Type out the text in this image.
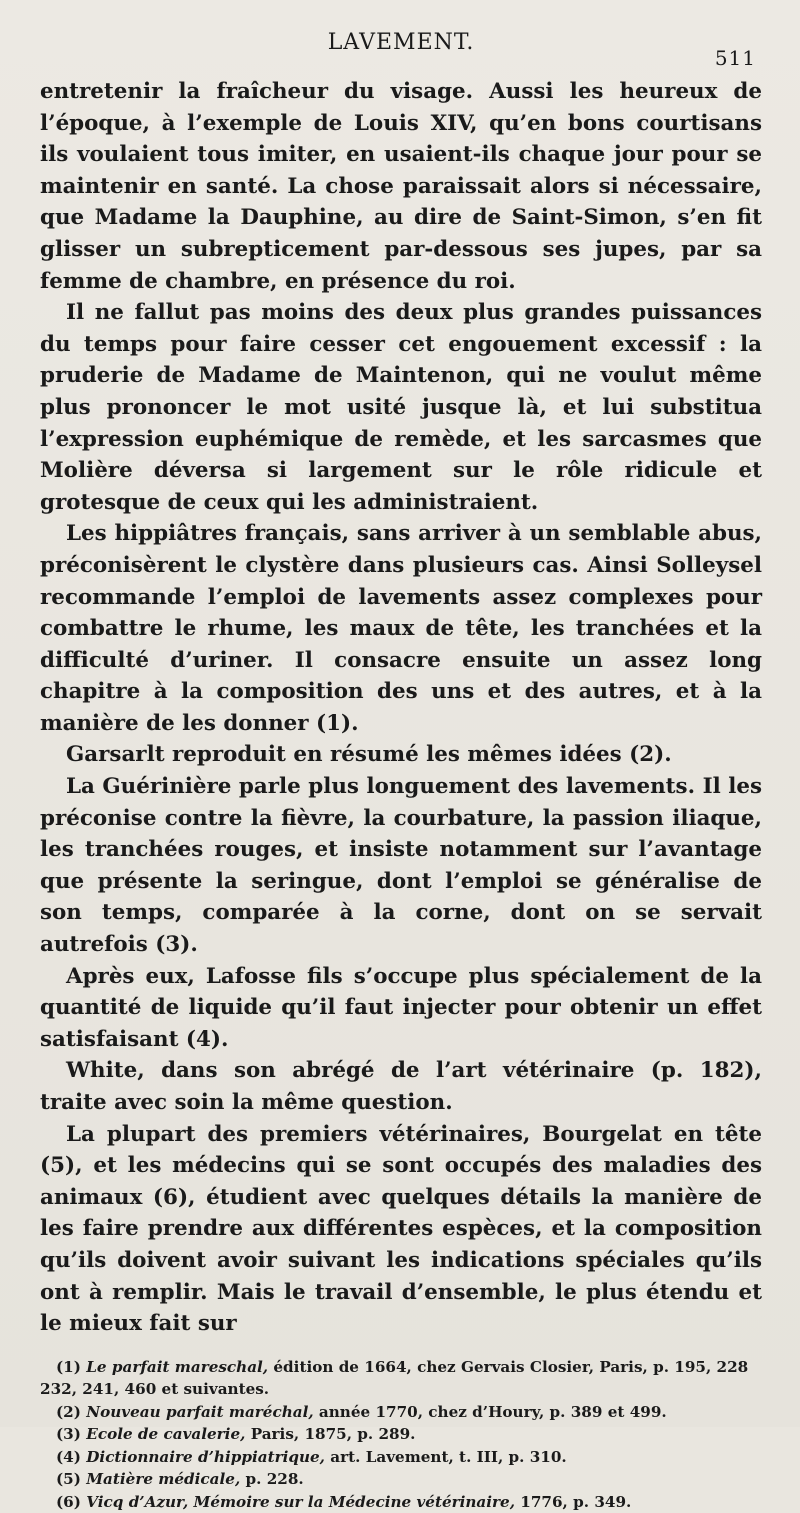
LAVEMENT.
511

entretenir la fraîcheur du visage. Aussi les heureux de l’époque, à l’exemple de Louis XIV, qu’en bons courtisans ils voulaient tous imiter, en usaient-ils chaque jour pour se maintenir en santé. La chose paraissait alors si nécessaire, que Madame la Dauphine, au dire de Saint-Simon, s’en fit glisser un subrepticement par-dessous ses jupes, par sa femme de chambre, en présence du roi.

Il ne fallut pas moins des deux plus grandes puissances du temps pour faire cesser cet engouement excessif : la pruderie de Madame de Maintenon, qui ne voulut même plus prononcer le mot usité jusque là, et lui substitua l’expression euphémique de remède, et les sarcasmes que Molière déversa si largement sur le rôle ridicule et grotesque de ceux qui les administraient.

Les hippiâtres français, sans arriver à un semblable abus, préconisèrent le clystère dans plusieurs cas. Ainsi Solleysel recommande l’emploi de lavements assez complexes pour combattre le rhume, les maux de tête, les tranchées et la difficulté d’uriner. Il consacre ensuite un assez long chapitre à la composition des uns et des autres, et à la manière de les donner (1).

Garsarlt reproduit en résumé les mêmes idées (2).

La Guérinière parle plus longuement des lavements. Il les préconise contre la fièvre, la courbature, la passion iliaque, les tranchées rouges, et insiste notamment sur l’avantage que présente la seringue, dont l’emploi se généralise de son temps, comparée à la corne, dont on se servait autrefois (3).

Après eux, Lafosse fils s’occupe plus spécialement de la quantité de liquide qu’il faut injecter pour obtenir un effet satisfaisant (4).

White, dans son abrégé de l’art vétérinaire (p. 182), traite avec soin la même question.

La plupart des premiers vétérinaires, Bourgelat en tête (5), et les médecins qui se sont occupés des maladies des animaux (6), étudient avec quelques détails la manière de les faire prendre aux différentes espèces, et la composition qu’ils doivent avoir suivant les indications spéciales qu’ils ont à remplir. Mais le travail d’ensemble, le plus étendu et le mieux fait sur

(1) Le parfait mareschal, édition de 1664, chez Gervais Closier, Paris, p. 195, 228 232, 241, 460 et suivantes.

(2) Nouveau parfait maréchal, année 1770, chez d’Houry, p. 389 et 499.

(3) Ecole de cavalerie, Paris, 1875, p. 289.

(4) Dictionnaire d’hippiatrique, art. Lavement, t. III, p. 310.

(5) Matière médicale, p. 228.

(6) Vicq d’Azur, Mémoire sur la Médecine vétérinaire, 1776, p. 349.
